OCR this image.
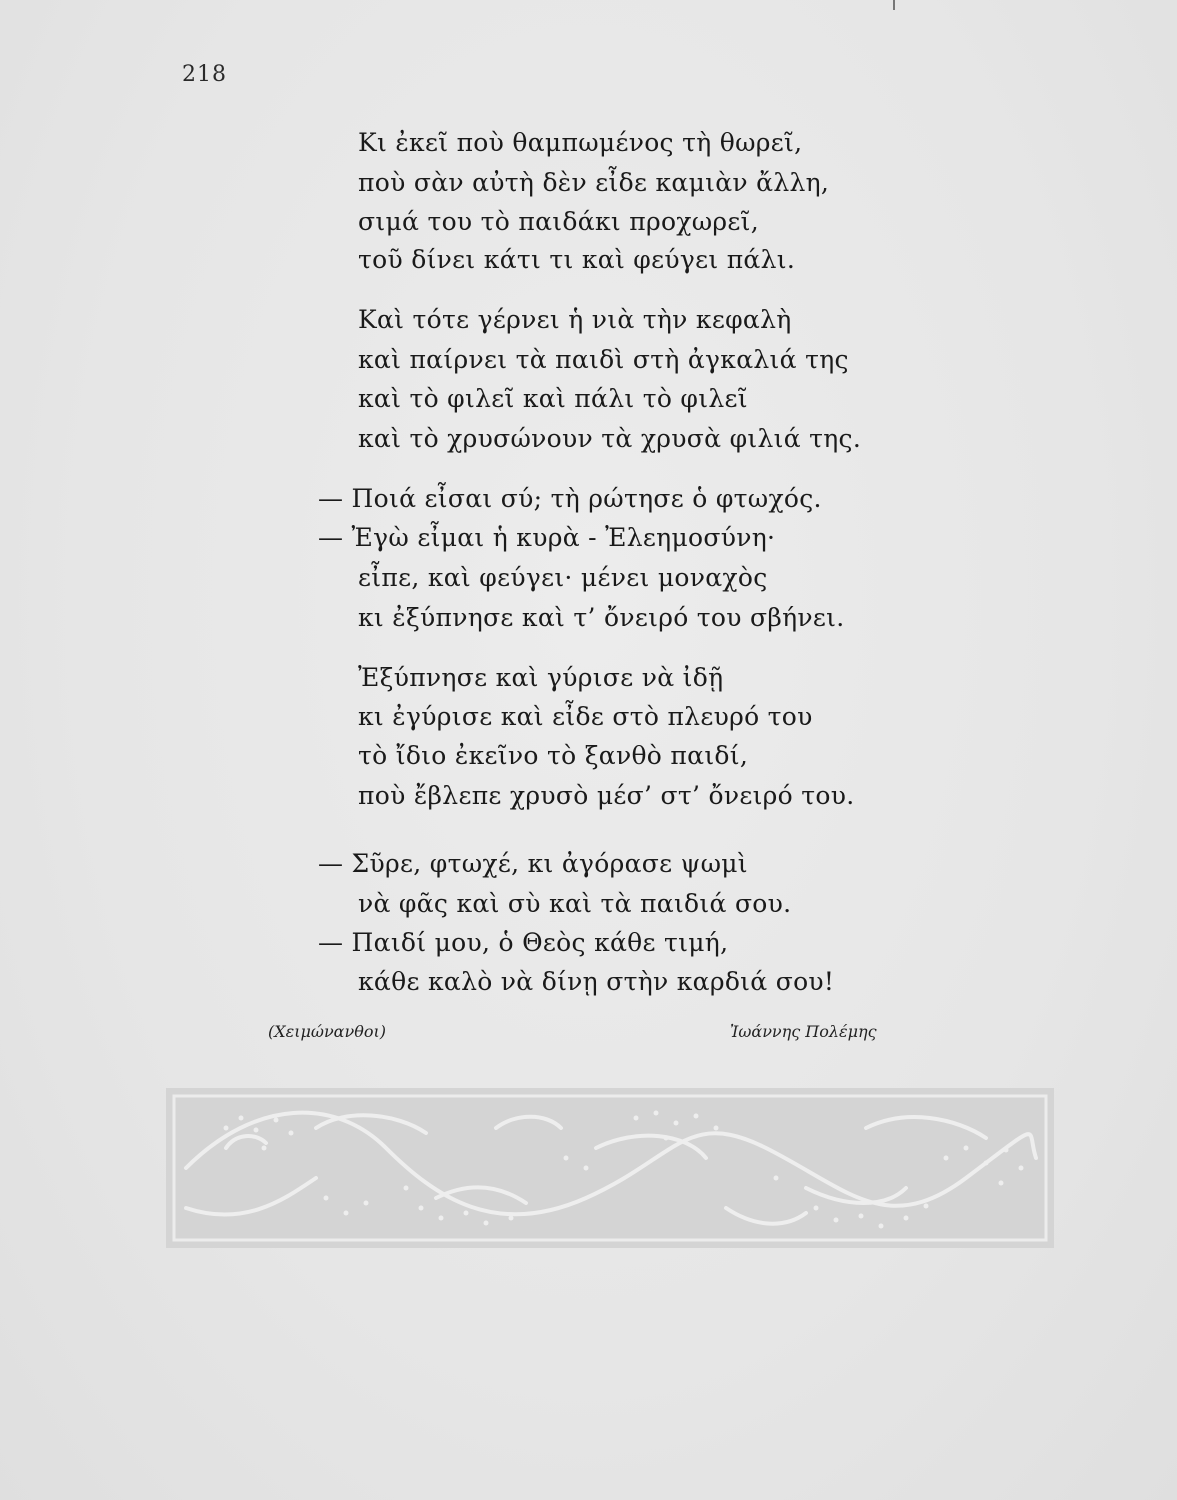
218
Κι ἐκεῖ ποὺ θαμπωμένος τὴ θωρεῖ,
ποὺ σὰν αὐτὴ δὲν εἶδε καμιὰν ἄλλη,
σιμά του τὸ παιδάκι προχωρεῖ,
τοῦ δίνει κάτι τι καὶ φεύγει πάλι.
Καὶ τότε γέρνει ἡ νιὰ τὴν κεφαλὴ
καὶ παίρνει τὰ παιδὶ στὴ ἀγκαλιά της
καὶ τὸ φιλεῖ καὶ πάλι τὸ φιλεῖ
καὶ τὸ χρυσώνουν τὰ χρυσὰ φιλιά της.
— Ποιά εἶσαι σύ; τὴ ρώτησε ὁ φτωχός.
— Ἐγὼ εἶμαι ἡ κυρὰ - Ἐλεημοσύνη·
εἶπε, καὶ φεύγει· μένει μοναχὸς
κι ἐξύπνησε καὶ τ’ ὄνειρό του σβήνει.
Ἐξύπνησε καὶ γύρισε νὰ ἰδῇ
κι ἐγύρισε καὶ εἶδε στὸ πλευρό του
τὸ ἴδιο ἐκεῖνο τὸ ξανθὸ παιδί,
ποὺ ἔβλεπε χρυσὸ μέσ’ στ’ ὄνειρό του.
— Σῦρε, φτωχέ, κι ἀγόρασε ψωμὶ
νὰ φᾶς καὶ σὺ καὶ τὰ παιδιά σου.
— Παιδί μου, ὁ Θεὸς κάθε τιμή,
κάθε καλὸ νὰ δίνῃ στὴν καρδιά σου!
(Χειμώνανθοι)	Ἰωάννης Πολέμης
